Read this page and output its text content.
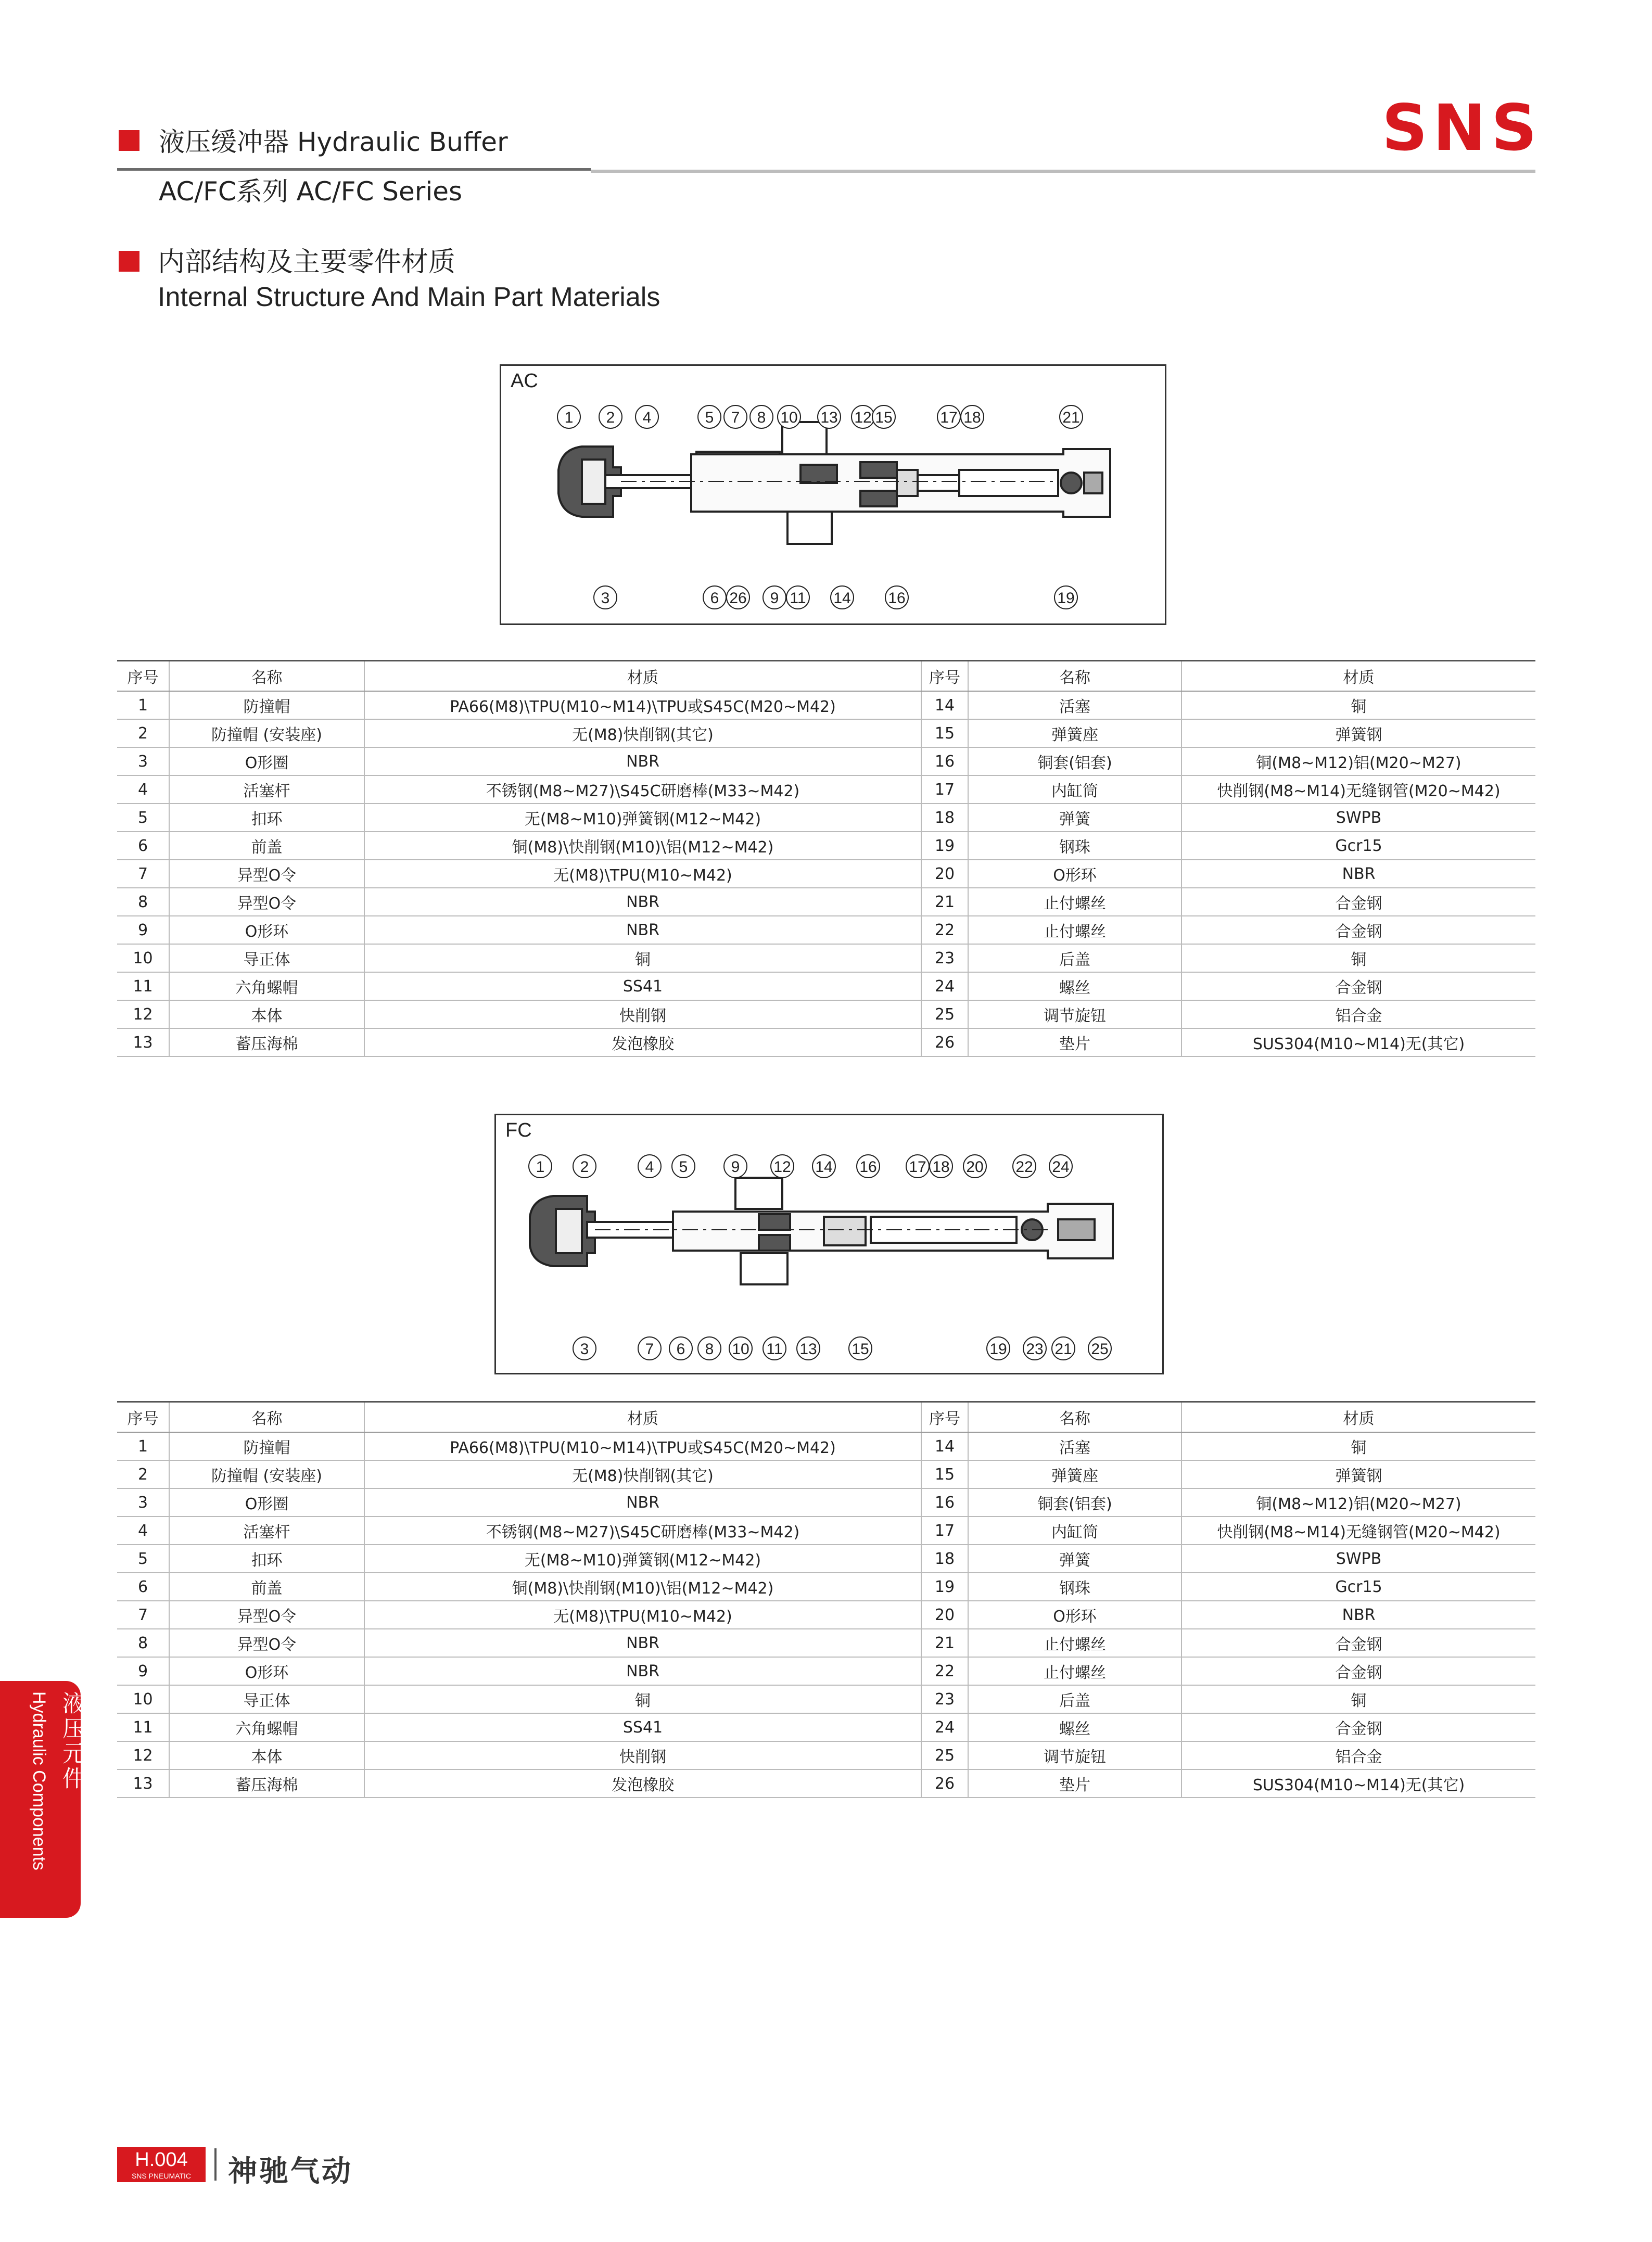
液压缓冲器 Hydraulic Buffer
AC/FC系列 AC/FC Series
SNS
内部结构及主要零件材质
Internal Structure And Main Part Materials
AC
1 2 4	5 7 8 10 13 12 15	17 18	21
3	6 26 9 11 14 16	19
序号	名称	材质	序号	名称	材质
1	防撞帽	PA66(M8)\TPU(M10~M14)\TPU或S45C(M20~M42)	14	活塞	铜
2	防撞帽 (安装座)	无(M8)快削钢(其它)	15	弹簧座	弹簧钢
3	O形圈	NBR	16	铜套(铝套)	铜(M8~M12)铝(M20~M27)
4	活塞杆	不锈钢(M8~M27)\S45C研磨棒(M33~M42)	17	内缸筒	快削钢(M8~M14)无缝钢管(M20~M42)
5	扣环	无(M8~M10)弹簧钢(M12~M42)	18	弹簧	SWPB
6	前盖	铜(M8)\快削钢(M10)\铝(M12~M42)	19	钢珠	Gcr15
7	异型O令	无(M8)\TPU(M10~M42)	20	O形环	NBR
8	异型O令	NBR	21	止付螺丝	合金钢
9	O形环	NBR	22	止付螺丝	合金钢
10	导正体	铜	23	后盖	铜
11	六角螺帽	SS41	24	螺丝	合金钢
12	本体	快削钢	25	调节旋钮	铝合金
13	蓄压海棉	发泡橡胶	26	垫片	SUS304(M10~M14)无(其它)
FC
1 2	4 5	9 12 14 16 17 18 20 22 24
3	7 6 8 10 11 13 15	19 23 21 25
序号	名称	材质	序号	名称	材质
1	防撞帽	PA66(M8)\TPU(M10~M14)\TPU或S45C(M20~M42)	14	活塞	铜
2	防撞帽 (安装座)	无(M8)快削钢(其它)	15	弹簧座	弹簧钢
3	O形圈	NBR	16	铜套(铝套)	铜(M8~M12)铝(M20~M27)
4	活塞杆	不锈钢(M8~M27)\S45C研磨棒(M33~M42)	17	内缸筒	快削钢(M8~M14)无缝钢管(M20~M42)
5	扣环	无(M8~M10)弹簧钢(M12~M42)	18	弹簧	SWPB
6	前盖	铜(M8)\快削钢(M10)\铝(M12~M42)	19	钢珠	Gcr15
7	异型O令	无(M8)\TPU(M10~M42)	20	O形环	NBR
8	异型O令	NBR	21	止付螺丝	合金钢
9	O形环	NBR	22	止付螺丝	合金钢
10	导正体	铜	23	后盖	铜
11	六角螺帽	SS41	24	螺丝	合金钢
12	本体	快削钢	25	调节旋钮	铝合金
13	蓄压海棉	发泡橡胶	26	垫片	SUS304(M10~M14)无(其它)
液压元件
Hydraulic Components
H.004
SNS PNEUMATIC	神驰气动
